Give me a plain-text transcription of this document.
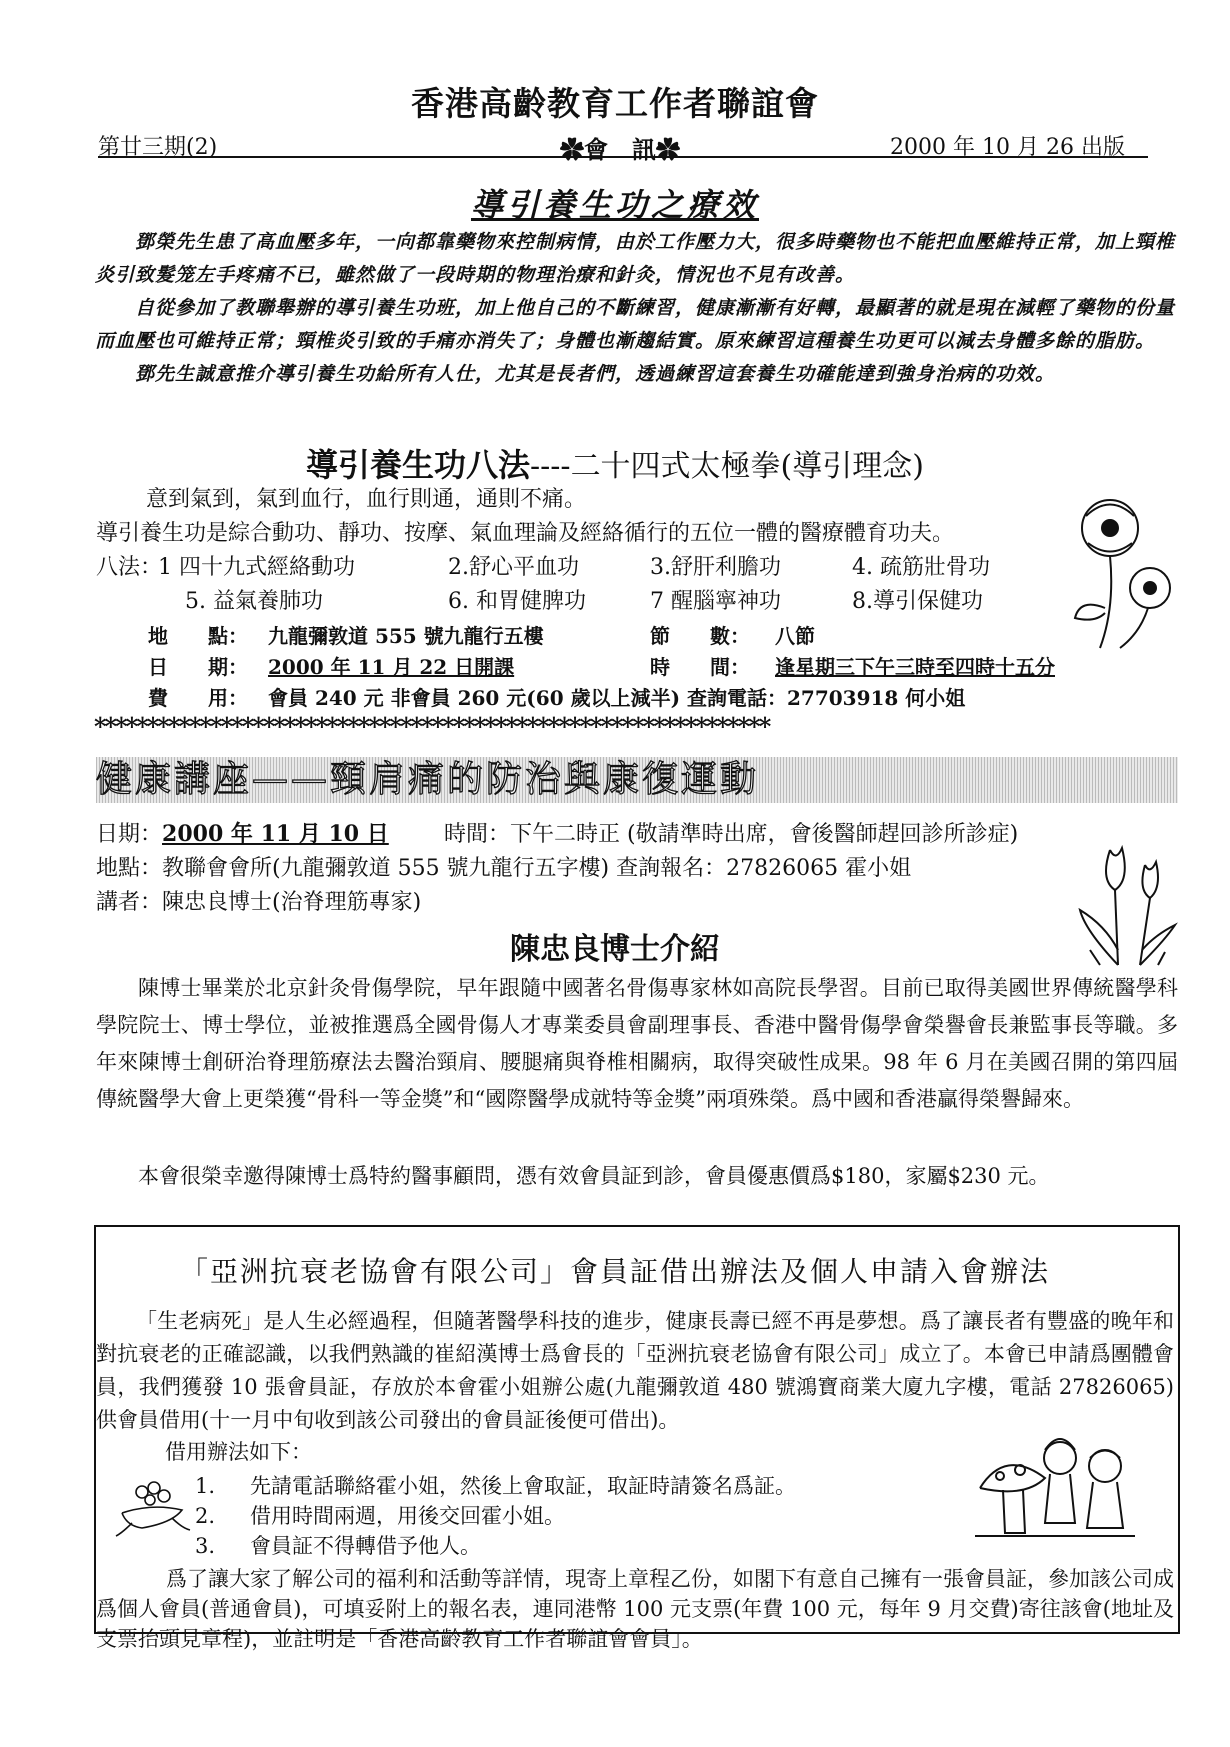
香港高齡教育工作者聯誼會
第廿三期(2)	✿會　訊✿	2000 年 10 月 26 出版
導引養生功之療效
鄧榮先生患了高血壓多年，一向都靠藥物來控制病情，由於工作壓力大，很多時藥物也不能把血壓維持正常，加上頸椎炎引致髮笼左手疼痛不已，雖然做了一段時期的物理治療和針灸，情況也不見有改善。
自從參加了教聯舉辦的導引養生功班，加上他自己的不斷練習，健康漸漸有好轉，最顯著的就是現在減輕了藥物的份量而血壓也可維持正常；頸椎炎引致的手痛亦消失了；身體也漸趨結實。原來練習這種養生功更可以減去身體多餘的脂肪。
鄧先生誠意推介導引養生功給所有人仕，尤其是長者們，透過練習這套養生功確能達到強身治病的功效。
導引養生功八法----二十四式太極拳(導引理念)
意到氣到，氣到血行，血行則通，通則不痛。
導引養生功是綜合動功、靜功、按摩、氣血理論及經絡循行的五位一體的醫療體育功夫。
八法：
1 四十九式經絡動功	2.舒心平血功	3.舒肝利膽功	4. 疏筋壯骨功
5. 益氣養肺功	6. 和胃健脾功	7 醒腦寧神功	8.導引保健功
地　　點： 九龍彌敦道 555 號九龍行五樓	節　　數： 八節
日　　期： 2000 年 11 月 22 日開課	時　　間： 逢星期三下午三時至四時十五分
費　　用： 會員 240 元 非會員 260 元(60 歲以上減半) 查詢電話：27703918 何小姐
****************************************************************
健康講座——頸肩痛的防治與康復運動
日期：2000 年 11 月 10 日	時間：下午二時正 (敬請準時出席，會後醫師趕回診所診症)
地點：教聯會會所(九龍彌敦道 555 號九龍行五字樓) 查詢報名：27826065 霍小姐
講者：陳忠良博士(治脊理筋專家)
陳忠良博士介紹
陳博士畢業於北京針灸骨傷學院，早年跟隨中國著名骨傷專家林如高院長學習。目前已取得美國世界傳統醫學科學院院士、博士學位，並被推選爲全國骨傷人才專業委員會副理事長、香港中醫骨傷學會榮譽會長兼監事長等職。多年來陳博士創研治脊理筋療法去醫治頸肩、腰腿痛與脊椎相關病，取得突破性成果。98 年 6 月在美國召開的第四屆傳統醫學大會上更榮獲“骨科一等金獎”和“國際醫學成就特等金獎”兩項殊榮。爲中國和香港贏得榮譽歸來。
本會很榮幸邀得陳博士爲特約醫事顧問，憑有效會員証到診，會員優惠價爲$180，家屬$230 元。
「亞洲抗衰老協會有限公司」會員証借出辦法及個人申請入會辦法
「生老病死」是人生必經過程，但隨著醫學科技的進步，健康長壽已經不再是夢想。爲了讓長者有豐盛的晚年和對抗衰老的正確認識，以我們熟識的崔紹漢博士爲會長的「亞洲抗衰老協會有限公司」成立了。本會已申請爲團體會員，我們獲發 10 張會員証，存放於本會霍小姐辦公處(九龍彌敦道 480 號鴻寶商業大廈九字樓，電話 27826065)供會員借用(十一月中旬收到該公司發出的會員証後便可借出)。
借用辦法如下：
1. 先請電話聯絡霍小姐，然後上會取証，取証時請簽名爲証。
2. 借用時間兩週，用後交回霍小姐。
3. 會員証不得轉借予他人。
爲了讓大家了解公司的福利和活動等詳情，現寄上章程乙份，如閣下有意自己擁有一張會員証，參加該公司成爲個人會員(普通會員)，可填妥附上的報名表，連同港幣 100 元支票(年費 100 元，每年 9 月交費)寄往該會(地址及支票抬頭見章程)，並註明是「香港高齡教育工作者聯誼會會員」。
